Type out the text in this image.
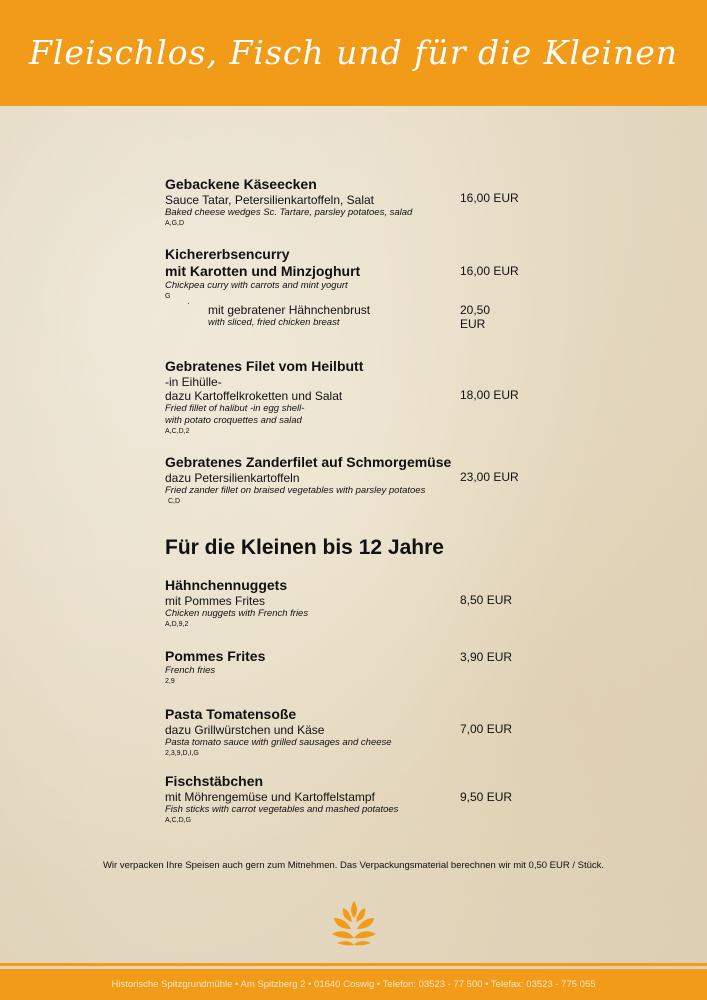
Fleischlos, Fisch und für die Kleinen
Gebackene Käseecken
Sauce Tatar, Petersilienkartoffeln, Salat
Baked cheese wedges Sc. Tartare, parsley potatoes, salad
A,G,D
16,00 EUR
Kichererbsencurry
mit Karotten und Minzjoghurt
Chickpea curry with carrots and mint yogurt
G
16,00 EUR
· mit gebratener Hähnchenbrust
with sliced, fried chicken breast
20,50 EUR
Gebratenes Filet vom Heilbutt
-in Eihülle-
dazu Kartoffelkroketten und Salat
Fried fillet of halibut -in egg shell-
with potato croquettes and salad
A,C,D,2
18,00 EUR
Gebratenes Zanderfilet auf Schmorgemüse
dazu Petersilienkartoffeln
Fried zander fillet on braised vegetables with parsley potatoes
C,D
23,00 EUR
Für die Kleinen bis 12 Jahre
Hähnchennuggets
mit Pommes Frites
Chicken nuggets with French fries
A,D,9,2
8,50 EUR
Pommes Frites
French fries
2,9
3,90 EUR
Pasta Tomatensoße
dazu Grillwürstchen und Käse
Pasta tomato sauce with grilled sausages and cheese
2,3,9,D,I,G
7,00 EUR
Fischstäbchen
mit Möhrengemüse und Kartoffelstampf
Fish sticks with carrot vegetables and mashed potatoes
A,C,D,G
9,50 EUR
Wir verpacken Ihre Speisen auch gern zum Mitnehmen. Das Verpackungsmaterial berechnen wir mit 0,50 EUR / Stück.
Historische Spitzgrundmühle • Am Spitzberg 2 • 01640 Coswig • Telefon: 03523 - 77 500 • Telefax: 03523 - 775 055
